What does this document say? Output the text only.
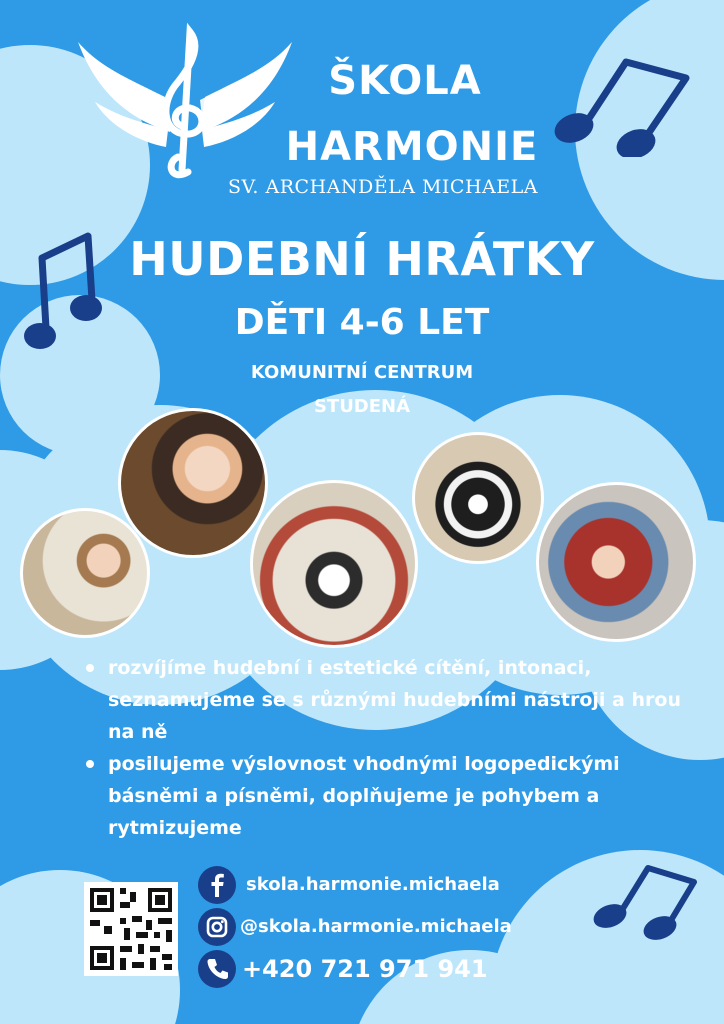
ŠKOLA
HARMONIE
SV. ARCHANDĚLA MICHAELA
HUDEBNÍ HRÁTKY
DĚTI 4-6 LET
KOMUNITNÍ CENTRUM
STUDENÁ
rozvíjíme hudební i estetické cítění, intonaci, seznamujeme se s různými hudebními nástroji a hrou na ně
posilujeme výslovnost vhodnými logopedickými básněmi a písněmi, doplňujeme je pohybem a rytmizujeme
skola.harmonie.michaela
@skola.harmonie.michaela
+420 721 971 941
